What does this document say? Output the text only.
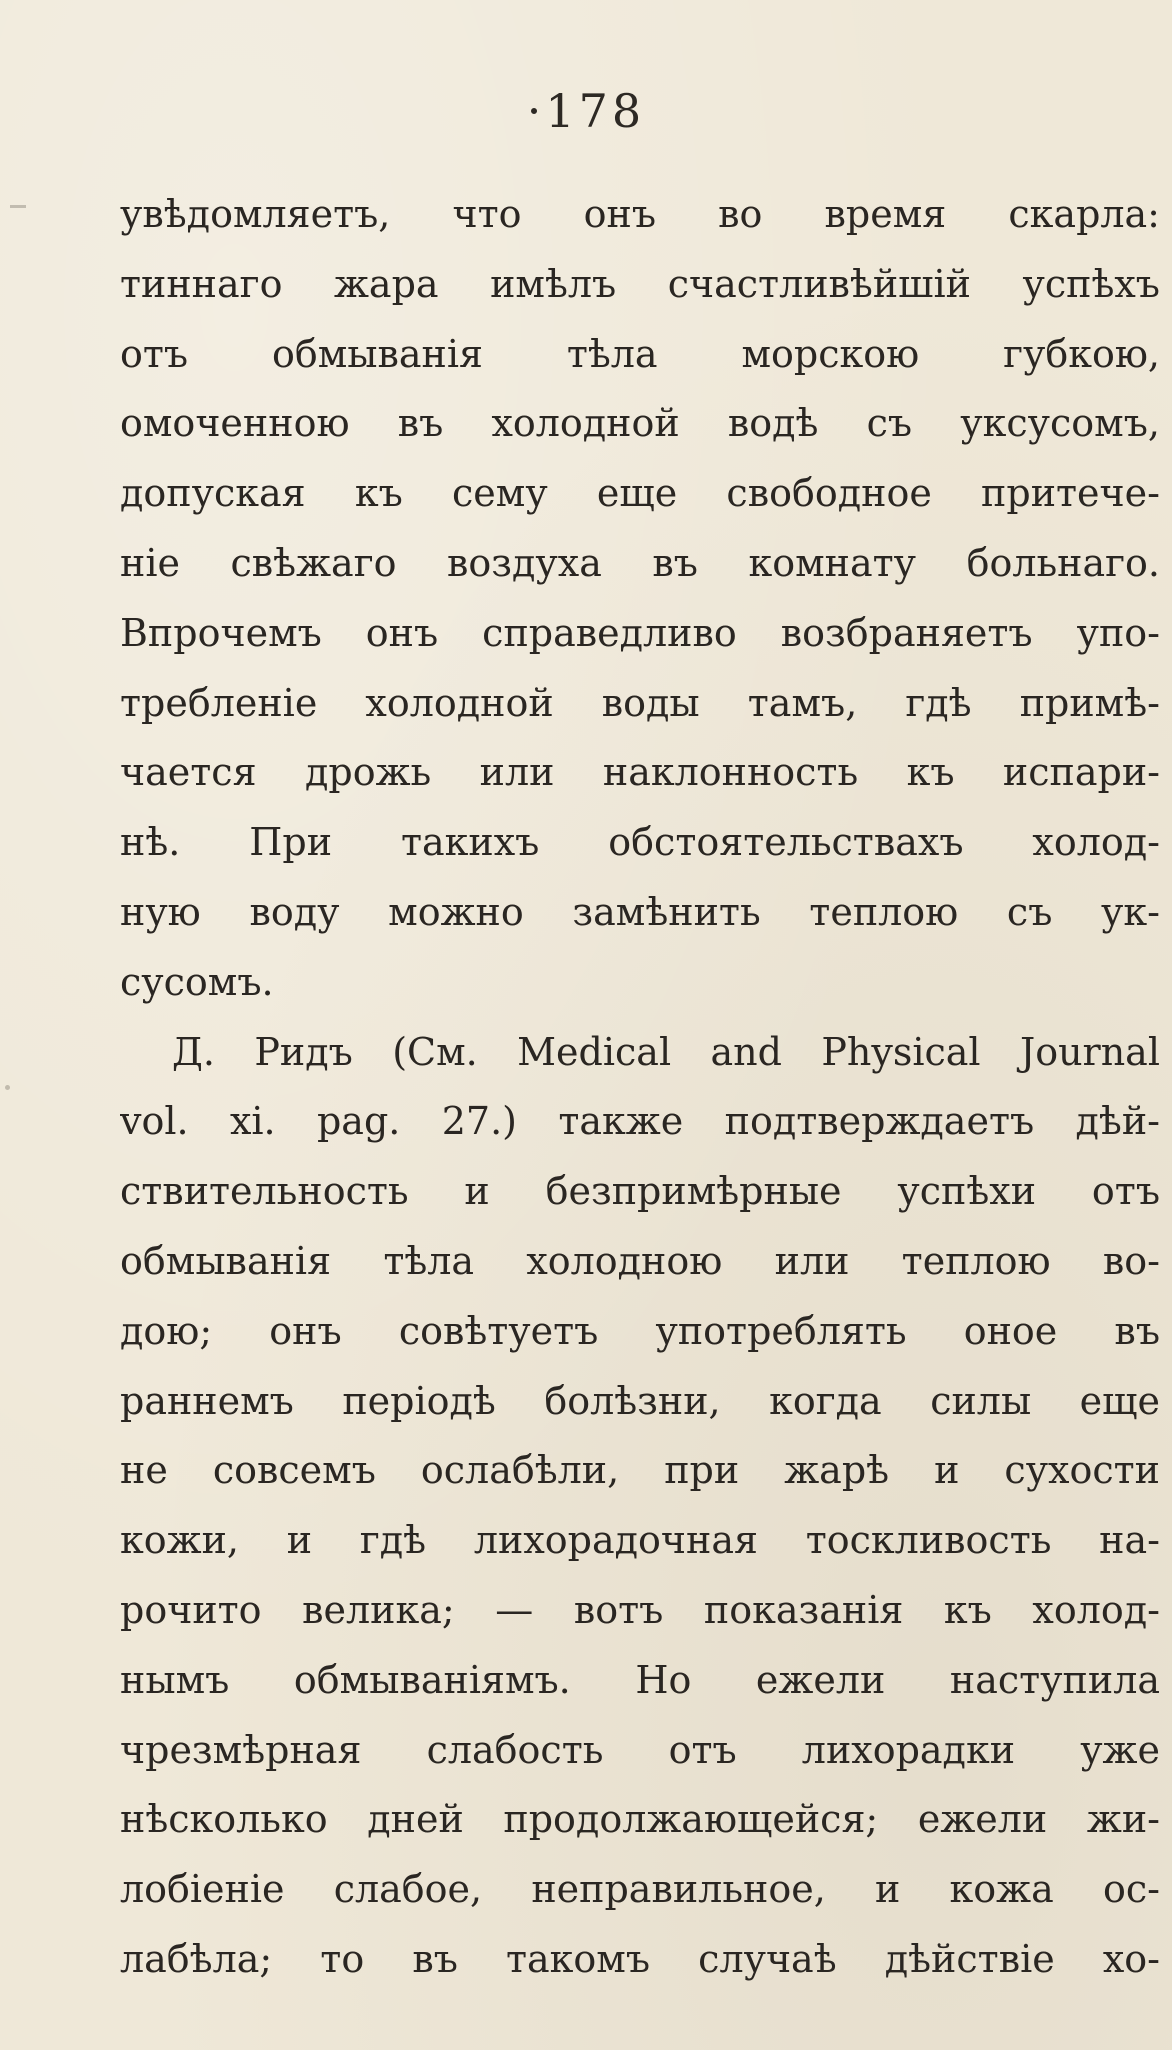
·178
увѣдомляетъ, что онъ во время скарла:
тиннаго жара имѣлъ счастливѣйшій успѣхъ
отъ обмыванія тѣла морскою губкою,
омоченною въ холодной водѣ съ уксусомъ,
допуская къ сему еще свободное притече-
ніе свѣжаго воздуха въ комнату больнаго.
Впрочемъ онъ справедливо возбраняетъ упо-
требленіе холодной воды тамъ, гдѣ примѣ-
чается дрожь или наклонность къ испари-
нѣ. При такихъ обстоятельствахъ холод-
ную воду можно замѣнить теплою съ ук-
сусомъ.
Д. Ридъ (См. Medical and Physical Journal
vol. xi. pag. 27.) также подтверждаетъ дѣй-
ствительность и безпримѣрные успѣхи отъ
обмыванія тѣла холодною или теплою во-
дою; онъ совѣтуетъ употреблять оное въ
раннемъ періодѣ болѣзни, когда силы еще
не совсемъ ослабѣли, при жарѣ и сухости
кожи, и гдѣ лихорадочная тоскливость на-
рочито велика; — вотъ показанія къ холод-
нымъ обмываніямъ. Но ежели наступила
чрезмѣрная слабость отъ лихорадки уже
нѣсколько дней продолжающейся; ежели жи-
лобіеніе слабое, неправильное, и кожа ос-
лабѣла; то въ такомъ случаѣ дѣйствіе хо-
